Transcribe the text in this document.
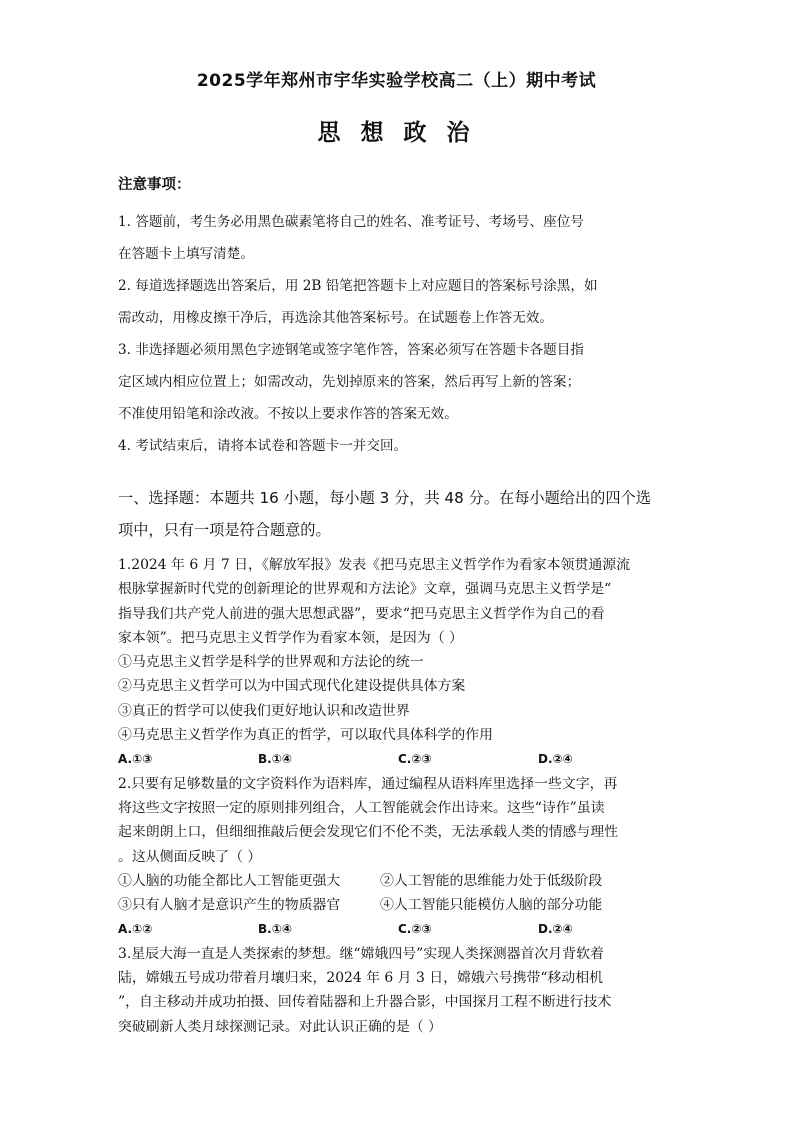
2025学年郑州市宇华实验学校高二（上）期中考试
思 想 政 治
注意事项：

1. 答题前，考生务必用黑色碳素笔将自己的姓名、准考证号、考场号、座位号

在答题卡上填写清楚。

2. 每道选择题选出答案后，用 2B 铅笔把答题卡上对应题目的答案标号涂黑，如

需改动，用橡皮擦干净后，再选涂其他答案标号。在试题卷上作答无效。

3. 非选择题必须用黑色字迹钢笔或签字笔作答，答案必须写在答题卡各题目指

定区域内相应位置上；如需改动，先划掉原来的答案，然后再写上新的答案；

不准使用铅笔和涂改液。不按以上要求作答的答案无效。

4. 考试结束后，请将本试卷和答题卡一并交回。

一、选择题：本题共 16 小题，每小题 3 分，共 48 分。在每小题给出的四个选
项中，只有一项是符合题意的。

1.2024 年 6 月 7 日，《解放军报》发表《把马克思主义哲学作为看家本领贯通源流

根脉掌握新时代党的创新理论的世界观和方法论》文章，强调马克思主义哲学是“

指导我们共产党人前进的强大思想武器”，要求“把马克思主义哲学作为自己的看

家本领”。把马克思主义哲学作为看家本领，是因为（ ）

①马克思主义哲学是科学的世界观和方法论的统一

②马克思主义哲学可以为中国式现代化建设提供具体方案

③真正的哲学可以使我们更好地认识和改造世界

④马克思主义哲学作为真正的哲学，可以取代具体科学的作用

A.①③	B.①④	C.②③	D.②④

2.只要有足够数量的文字资料作为语料库，通过编程从语料库里选择一些文字，再

将这些文字按照一定的原则排列组合，人工智能就会作出诗来。这些“诗作”虽读

起来朗朗上口，但细细推敲后便会发现它们不伦不类，无法承载人类的情感与理性

。这从侧面反映了（ ）

①人脑的功能全都比人工智能更强大	②人工智能的思维能力处于低级阶段
③只有人脑才是意识产生的物质器官	④人工智能只能模仿人脑的部分功能
A.①②	B.①④	C.②③	D.②④

3.星辰大海一直是人类探索的梦想。继“嫦娥四号”实现人类探测器首次月背软着

陆，嫦娥五号成功带着月壤归来，2024 年 6 月 3 日，嫦娥六号携带“移动相机

”，自主移动并成功拍摄、回传着陆器和上升器合影，中国探月工程不断进行技术

突破刷新人类月球探测记录。对此认识正确的是（ ）
